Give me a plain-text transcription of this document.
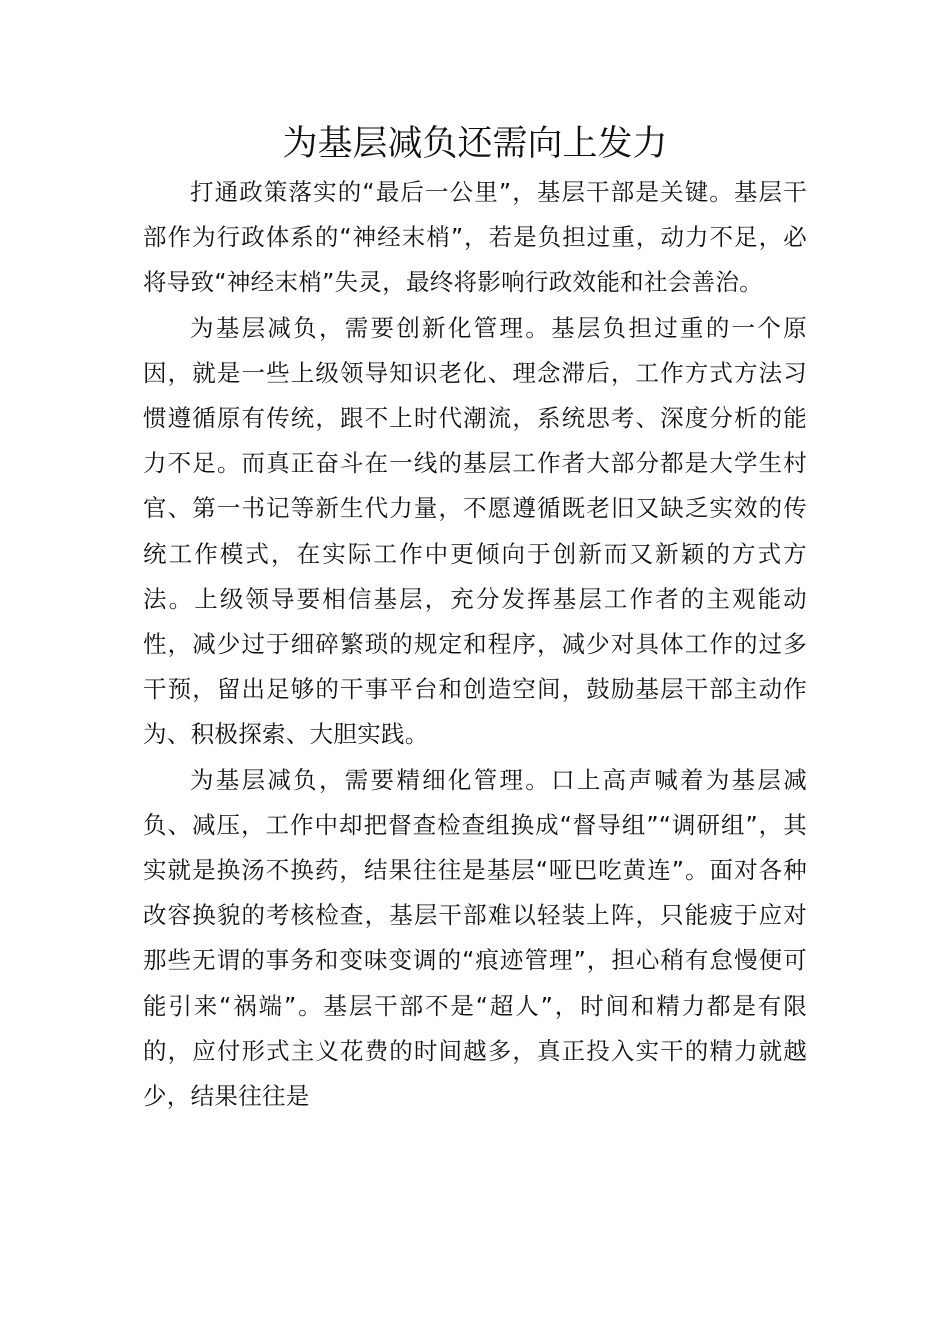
为基层减负还需向上发力

打通政策落实的“最后一公里”，基层干部是关键。基层干部作为行政体系的“神经末梢”，若是负担过重，动力不足，必将导致“神经末梢”失灵，最终将影响行政效能和社会善治。

为基层减负，需要创新化管理。基层负担过重的一个原因，就是一些上级领导知识老化、理念滞后，工作方式方法习惯遵循原有传统，跟不上时代潮流，系统思考、深度分析的能力不足。而真正奋斗在一线的基层工作者大部分都是大学生村官、第一书记等新生代力量，不愿遵循既老旧又缺乏实效的传统工作模式，在实际工作中更倾向于创新而又新颖的方式方法。上级领导要相信基层，充分发挥基层工作者的主观能动性，减少过于细碎繁琐的规定和程序，减少对具体工作的过多干预，留出足够的干事平台和创造空间，鼓励基层干部主动作为、积极探索、大胆实践。

为基层减负，需要精细化管理。口上高声喊着为基层减负、减压，工作中却把督查检查组换成“督导组”“调研组”，其实就是换汤不换药，结果往往是基层“哑巴吃黄连”。面对各种改容换貌的考核检查，基层干部难以轻装上阵，只能疲于应对那些无谓的事务和变味变调的“痕迹管理”，担心稍有怠慢便可能引来“祸端”。基层干部不是“超人”，时间和精力都是有限的，应付形式主义花费的时间越多，真正投入实干的精力就越少，结果往往是
